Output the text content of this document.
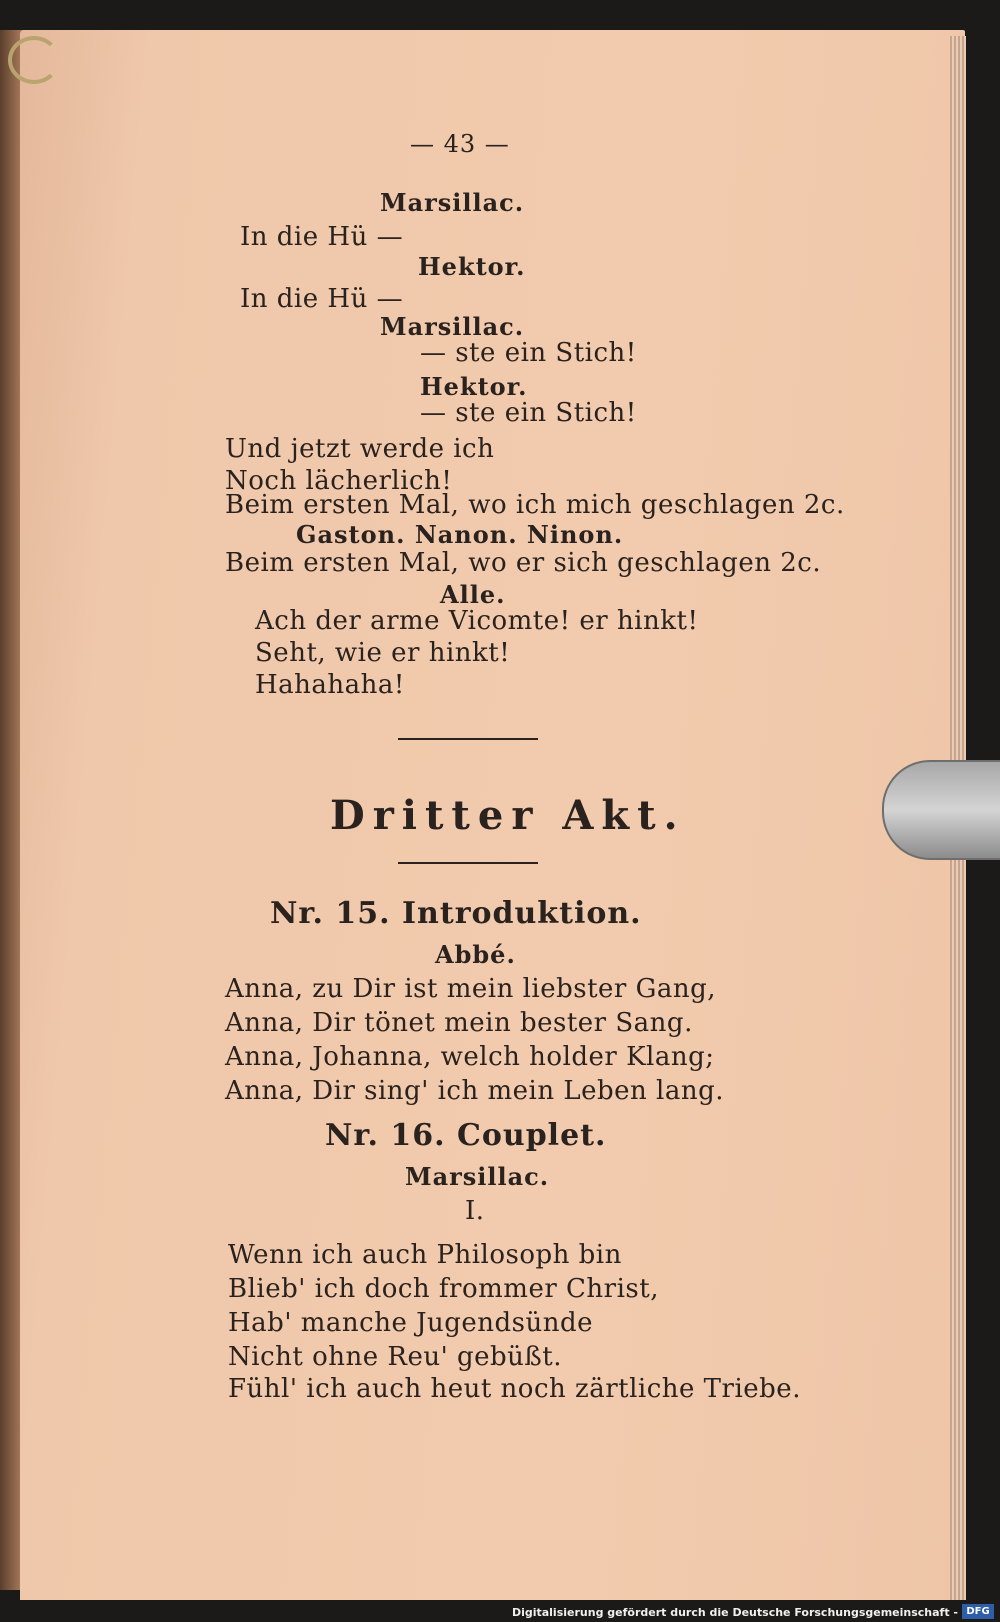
— 43 —
Marsillac.
In die Hü —
Hektor.
In die Hü —
Marsillac.
— ste ein Stich!
Hektor.
— ste ein Stich!
Und jetzt werde ich
Noch lächerlich!
Beim ersten Mal, wo ich mich geschlagen 2c.
Gaston. Nanon. Ninon.
Beim ersten Mal, wo er sich geschlagen 2c.
Alle.
Ach der arme Vicomte! er hinkt!
Seht, wie er hinkt!
Hahahaha!
Dritter Akt.
Nr. 15. Introduktion.
Abbé.
Anna, zu Dir ist mein liebster Gang,
Anna, Dir tönet mein bester Sang.
Anna, Johanna, welch holder Klang;
Anna, Dir sing' ich mein Leben lang.
Nr. 16. Couplet.
Marsillac.
I.
Wenn ich auch Philosoph bin
Blieb' ich doch frommer Christ,
Hab' manche Jugendsünde
Nicht ohne Reu' gebüßt.
Fühl' ich auch heut noch zärtliche Triebe.
Digitalisierung gefördert durch die Deutsche Forschungsgemeinschaft - DFG
